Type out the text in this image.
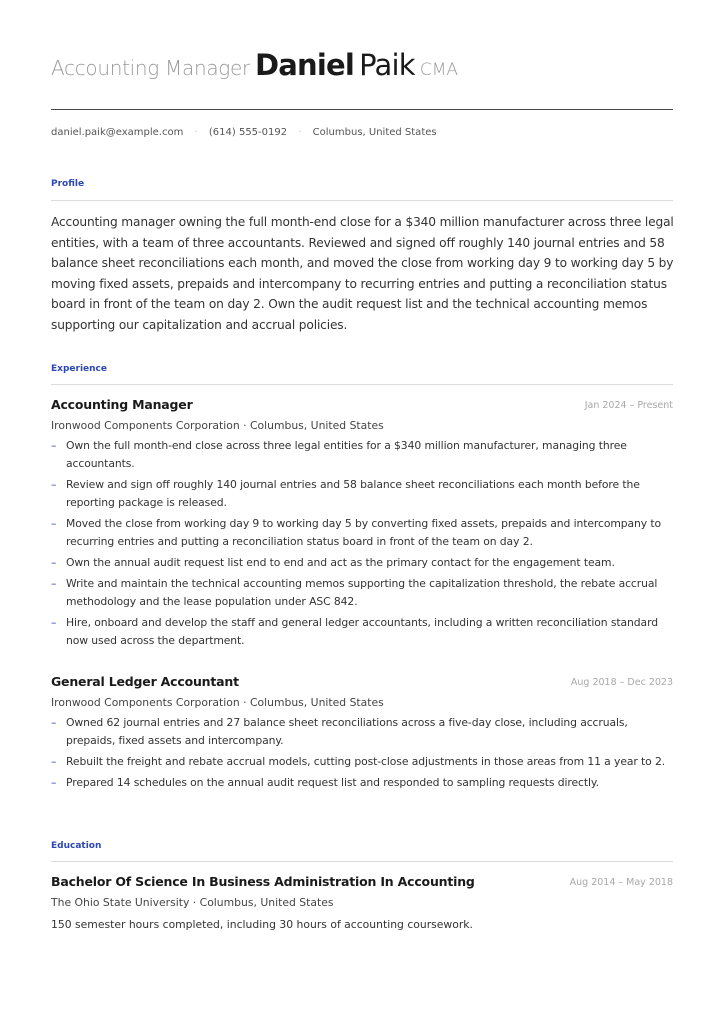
Accounting Manager Daniel Paik CMA
daniel.paik@example.com · (614) 555-0192 · Columbus, United States
Profile
Accounting manager owning the full month-end close for a $340 million manufacturer across three legal entities, with a team of three accountants. Reviewed and signed off roughly 140 journal entries and 58 balance sheet reconciliations each month, and moved the close from working day 9 to working day 5 by moving fixed assets, prepaids and intercompany to recurring entries and putting a reconciliation status board in front of the team on day 2. Own the audit request list and the technical accounting memos supporting our capitalization and accrual policies.
Experience
Accounting Manager	Jan 2024 – Present
Ironwood Components Corporation · Columbus, United States
– Own the full month-end close across three legal entities for a $340 million manufacturer, managing three accountants.
– Review and sign off roughly 140 journal entries and 58 balance sheet reconciliations each month before the reporting package is released.
– Moved the close from working day 9 to working day 5 by converting fixed assets, prepaids and intercompany to recurring entries and putting a reconciliation status board in front of the team on day 2.
– Own the annual audit request list end to end and act as the primary contact for the engagement team.
– Write and maintain the technical accounting memos supporting the capitalization threshold, the rebate accrual methodology and the lease population under ASC 842.
– Hire, onboard and develop the staff and general ledger accountants, including a written reconciliation standard now used across the department.
General Ledger Accountant	Aug 2018 – Dec 2023
Ironwood Components Corporation · Columbus, United States
– Owned 62 journal entries and 27 balance sheet reconciliations across a five-day close, including accruals, prepaids, fixed assets and intercompany.
– Rebuilt the freight and rebate accrual models, cutting post-close adjustments in those areas from 11 a year to 2.
– Prepared 14 schedules on the annual audit request list and responded to sampling requests directly.
Education
Bachelor Of Science In Business Administration In Accounting	Aug 2014 – May 2018
The Ohio State University · Columbus, United States
150 semester hours completed, including 30 hours of accounting coursework.
